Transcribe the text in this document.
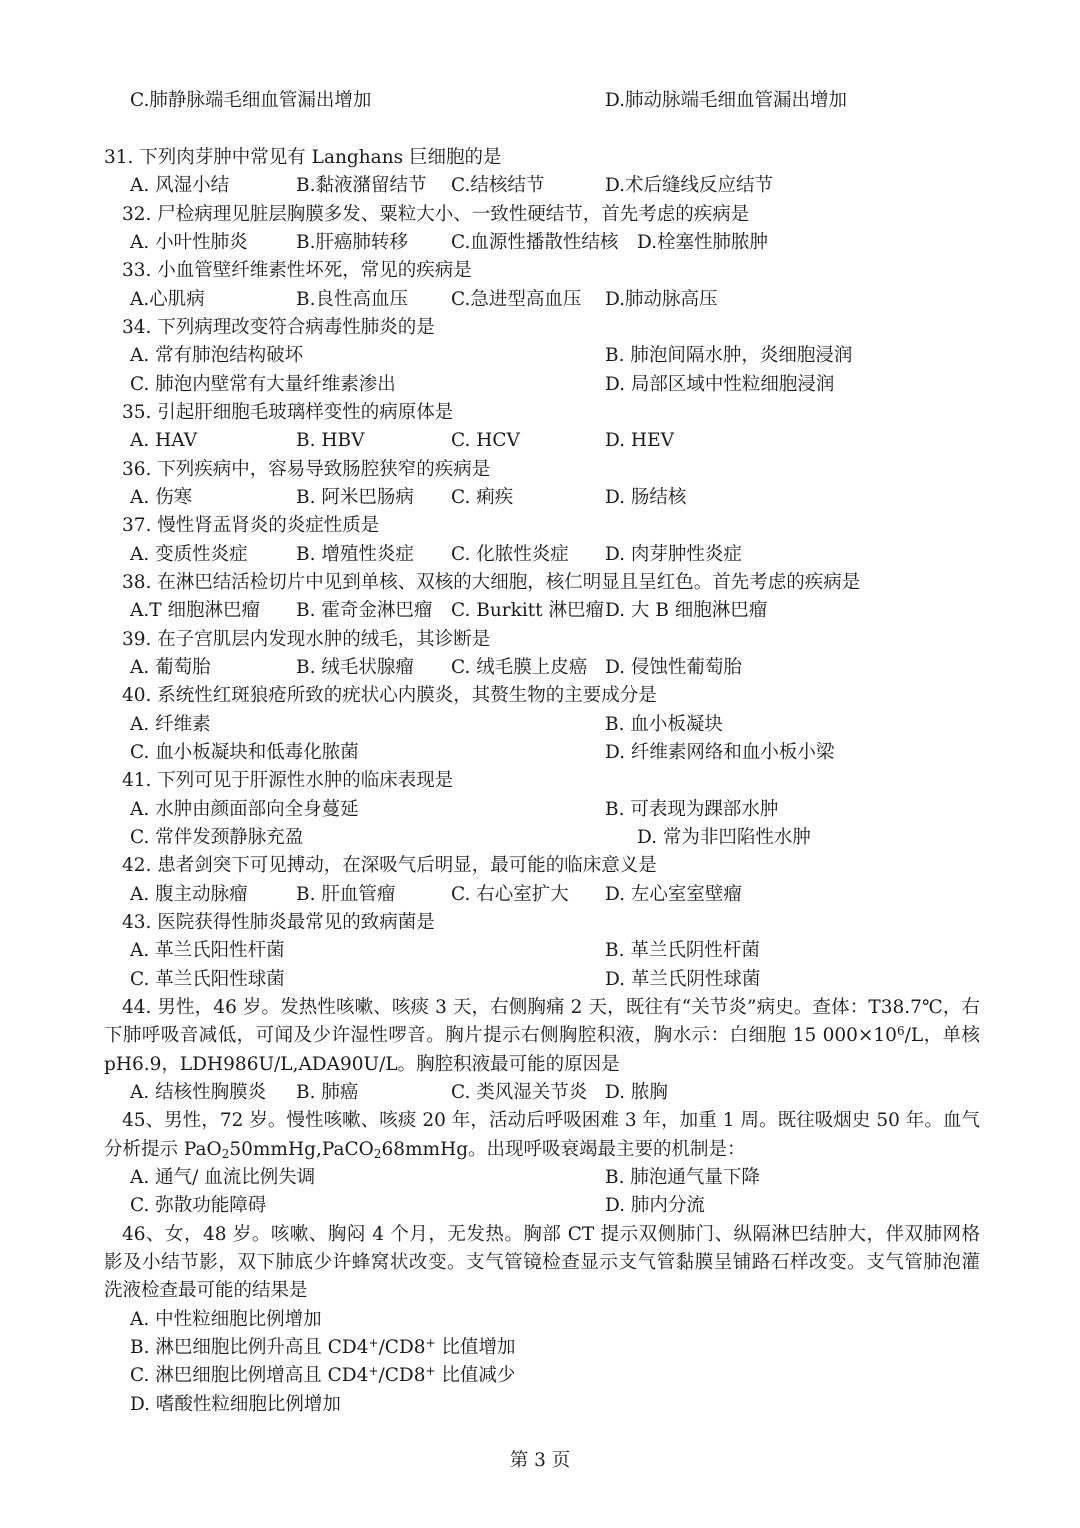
C.肺静脉端毛细血管漏出增加	D.肺动脉端毛细血管漏出增加
31. 下列肉芽肿中常见有 Langhans 巨细胞的是
A. 风湿小结	B.黏液潴留结节 C.结核结节	D.术后缝线反应结节
32. 尸检病理见脏层胸膜多发、粟粒大小、一致性硬结节，首先考虑的疾病是
A. 小叶性肺炎	B.肝癌肺转移 C.血源性播散性结核 D.栓塞性肺脓肿
33. 小血管壁纤维素性坏死，常见的疾病是
A.心肌病	B.良性高血压 C.急进型高血压 D.肺动脉高压
34. 下列病理改变符合病毒性肺炎的是
A. 常有肺泡结构破坏	B. 肺泡间隔水肿，炎细胞浸润
C. 肺泡内壁常有大量纤维素渗出	D. 局部区域中性粒细胞浸润
35. 引起肝细胞毛玻璃样变性的病原体是
A. HAV	B. HBV	C. HCV	D. HEV
36. 下列疾病中，容易导致肠腔狭窄的疾病是
A. 伤寒	B. 阿米巴肠病 C. 痢疾	D. 肠结核
37. 慢性肾盂肾炎的炎症性质是
A. 变质性炎症	B. 增殖性炎症 C. 化脓性炎症 D. 肉芽肿性炎症
38. 在淋巴结活检切片中见到单核、双核的大细胞，核仁明显且呈红色。首先考虑的疾病是
A.T 细胞淋巴瘤 B. 霍奇金淋巴瘤 C. Burkitt 淋巴瘤 D. 大 B 细胞淋巴瘤
39. 在子宫肌层内发现水肿的绒毛，其诊断是
A. 葡萄胎	B. 绒毛状腺瘤 C. 绒毛膜上皮癌 D. 侵蚀性葡萄胎
40. 系统性红斑狼疮所致的疣状心内膜炎，其赘生物的主要成分是
A. 纤维素	B. 血小板凝块
C. 血小板凝块和低毒化脓菌	D. 纤维素网络和血小板小梁
41. 下列可见于肝源性水肿的临床表现是
A. 水肿由颜面部向全身蔓延	B. 可表现为踝部水肿
C. 常伴发颈静脉充盈	D. 常为非凹陷性水肿
42. 患者剑突下可见搏动，在深吸气后明显，最可能的临床意义是
A. 腹主动脉瘤	B. 肝血管瘤	C. 右心室扩大 D. 左心室室壁瘤
43. 医院获得性肺炎最常见的致病菌是
A. 革兰氏阳性杆菌	B. 革兰氏阴性杆菌
C. 革兰氏阳性球菌	D. 革兰氏阴性球菌
44. 男性，46 岁。发热性咳嗽、咳痰 3 天，右侧胸痛 2 天，既往有“关节炎”病史。查体：T38.7℃，右
下肺呼吸音减低，可闻及少许湿性啰音。胸片提示右侧胸腔积液，胸水示：白细胞 15 $000\times 10^6/L$，单核
pH6.9，LDH986U/L,ADA90U/L。胸腔积液最可能的原因是
A. 结核性胸膜炎 B. 肺癌	C. 类风湿关节炎 D. 脓胸
45、男性，72 岁。慢性咳嗽、咳痰 20 年，活动后呼吸困难 3 年，加重 1 周。既往吸烟史 50 年。血气
分析提示 PaO$_2$50mmHg,PaCO$_2$68mmHg。出现呼吸衰竭最主要的机制是：
A. 通气/ 血流比例失调	B. 肺泡通气量下降
C. 弥散功能障碍	D. 肺内分流
46、女，48 岁。咳嗽、胸闷 4 个月，无发热。胸部 CT 提示双侧肺门、纵隔淋巴结肿大，伴双肺网格
影及小结节影，双下肺底少许蜂窝状改变。支气管镜检查显示支气管黏膜呈铺路石样改变。支气管肺泡灌
洗液检查最可能的结果是
A. 中性粒细胞比例增加
B. 淋巴细胞比例升高且 CD4+/CD8+ 比值增加
C. 淋巴细胞比例增高且 CD4+/CD8+ 比值减少
D. 嗜酸性粒细胞比例增加
第 3 页
